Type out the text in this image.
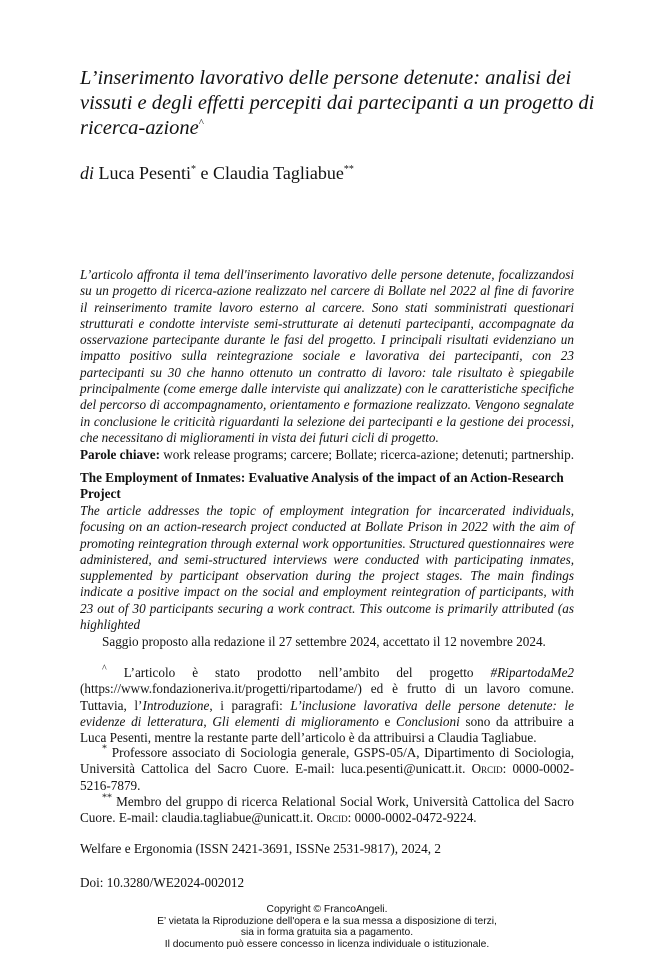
L’inserimento lavorativo delle persone detenute: analisi dei vissuti e degli effetti percepiti dai partecipanti a un progetto di ricerca-azione^
di Luca Pesenti* e Claudia Tagliabue**

L’articolo affronta il tema dell'inserimento lavorativo delle persone detenute, focalizzandosi su un progetto di ricerca-azione realizzato nel carcere di Bollate nel 2022 al fine di favorire il reinserimento tramite lavoro esterno al carcere. Sono stati somministrati questionari strutturati e condotte interviste semi-strutturate ai detenuti partecipanti, accompagnate da osservazione partecipante durante le fasi del progetto. I principali risultati evidenziano un impatto positivo sulla reintegrazione sociale e lavorativa dei partecipanti, con 23 partecipanti su 30 che hanno ottenuto un contratto di lavoro: tale risultato è spiegabile principalmente (come emerge dalle interviste qui analizzate) con le caratteristiche specifiche del percorso di accompagnamento, orientamento e formazione realizzato. Vengono segnalate in conclusione le criticità riguardanti la selezione dei partecipanti e la gestione dei processi, che necessitano di miglioramenti in vista dei futuri cicli di progetto.

Parole chiave: work release programs; carcere; Bollate; ricerca-azione; detenuti; partnership.
The Employment of Inmates: Evaluative Analysis of the impact of an Action-Research Project

The article addresses the topic of employment integration for incarcerated individuals, focusing on an action-research project conducted at Bollate Prison in 2022 with the aim of promoting reintegration through external work opportunities. Structured questionnaires were administered, and semi-structured interviews were conducted with participating inmates, supplemented by participant observation during the project stages. The main findings indicate a positive impact on the social and employment reintegration of participants, with 23 out of 30 participants securing a work contract. This outcome is primarily attributed (as highlighted

Saggio proposto alla redazione il 27 settembre 2024, accettato il 12 novembre 2024.

^ L’articolo è stato prodotto nell’ambito del progetto #RipartodaMe2 (https://www.fondazioneriva.it/progetti/ripartodame/) ed è frutto di un lavoro comune. Tuttavia, l’Introduzione, i paragrafi: L’inclusione lavorativa delle persone detenute: le evidenze di letteratura, Gli elementi di miglioramento e Conclusioni sono da attribuire a Luca Pesenti, mentre la restante parte dell’articolo è da attribuirsi a Claudia Tagliabue.

* Professore associato di Sociologia generale, GSPS-05/A, Dipartimento di Sociologia, Università Cattolica del Sacro Cuore. E-mail: luca.pesenti@unicatt.it. Orcid: 0000-0002-5216-7879.

** Membro del gruppo di ricerca Relational Social Work, Università Cattolica del Sacro Cuore. E-mail: claudia.tagliabue@unicatt.it. Orcid: 0000-0002-0472-9224.

Welfare e Ergonomia (ISSN 2421-3691, ISSNe 2531-9817), 2024, 2
Doi: 10.3280/WE2024-002012
Copyright © FrancoAngeli.
E’ vietata la Riproduzione dell'opera e la sua messa a disposizione di terzi,
sia in forma gratuita sia a pagamento.
Il documento può essere concesso in licenza individuale o istituzionale.
